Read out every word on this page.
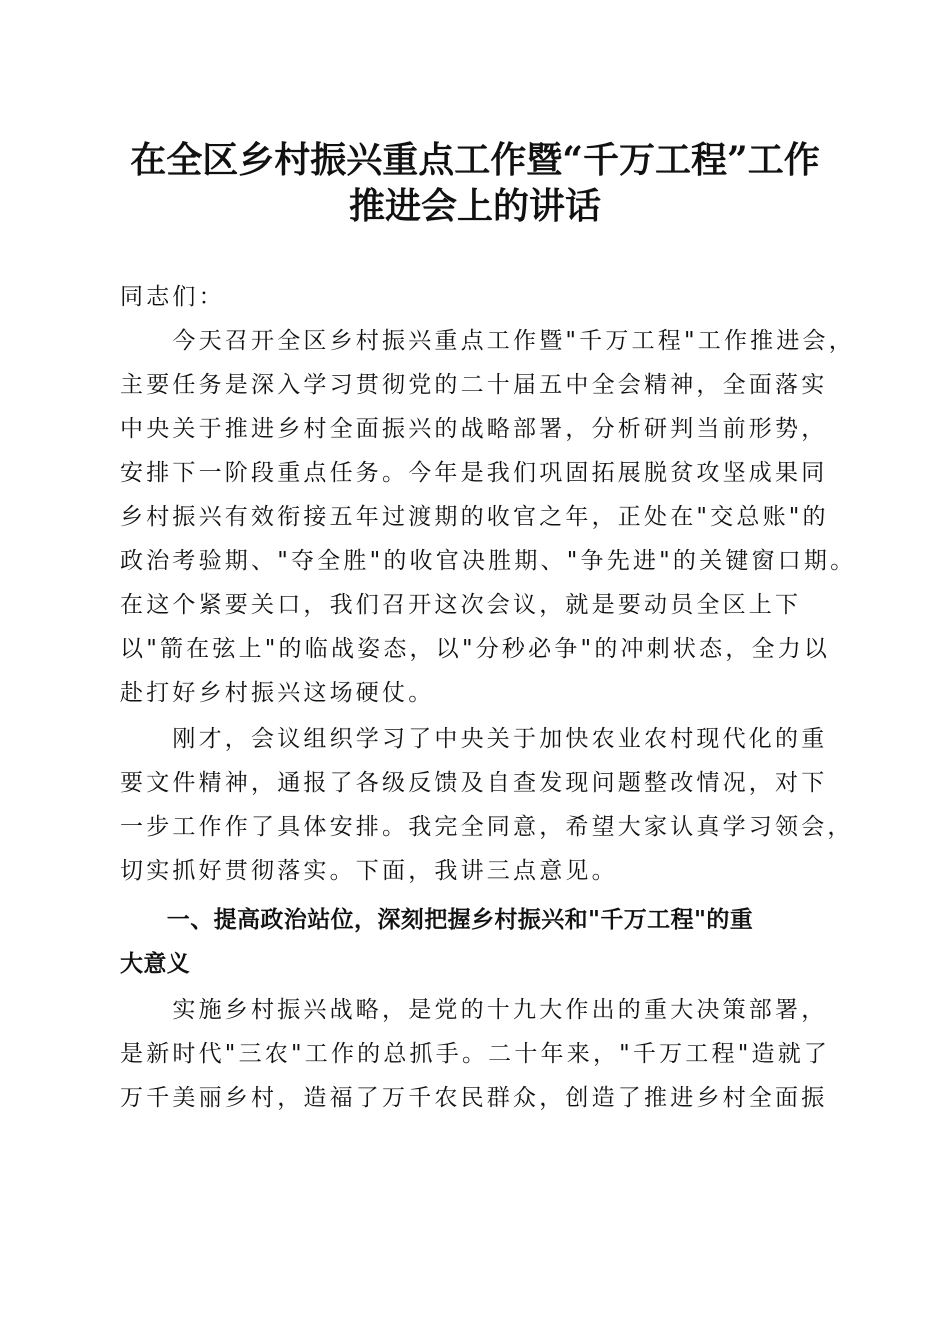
在全区乡村振兴重点工作暨“千万工程”工作
推进会上的讲话

同志们：

　　今天召开全区乡村振兴重点工作暨"千万工程"工作推进会，

主要任务是深入学习贯彻党的二十届五中全会精神，全面落实

中央关于推进乡村全面振兴的战略部署，分析研判当前形势，

安排下一阶段重点任务。今年是我们巩固拓展脱贫攻坚成果同

乡村振兴有效衔接五年过渡期的收官之年，正处在"交总账"的

政治考验期、"夺全胜"的收官决胜期、"争先进"的关键窗口期。

在这个紧要关口，我们召开这次会议，就是要动员全区上下

以"箭在弦上"的临战姿态，以"分秒必争"的冲刺状态，全力以

赴打好乡村振兴这场硬仗。

　　刚才，会议组织学习了中央关于加快农业农村现代化的重

要文件精神，通报了各级反馈及自查发现问题整改情况，对下

一步工作作了具体安排。我完全同意，希望大家认真学习领会，

切实抓好贯彻落实。下面，我讲三点意见。

　　一、提高政治站位，深刻把握乡村振兴和"千万工程"的重

大意义

　　实施乡村振兴战略，是党的十九大作出的重大决策部署，

是新时代"三农"工作的总抓手。二十年来，"千万工程"造就了

万千美丽乡村，造福了万千农民群众，创造了推进乡村全面振
